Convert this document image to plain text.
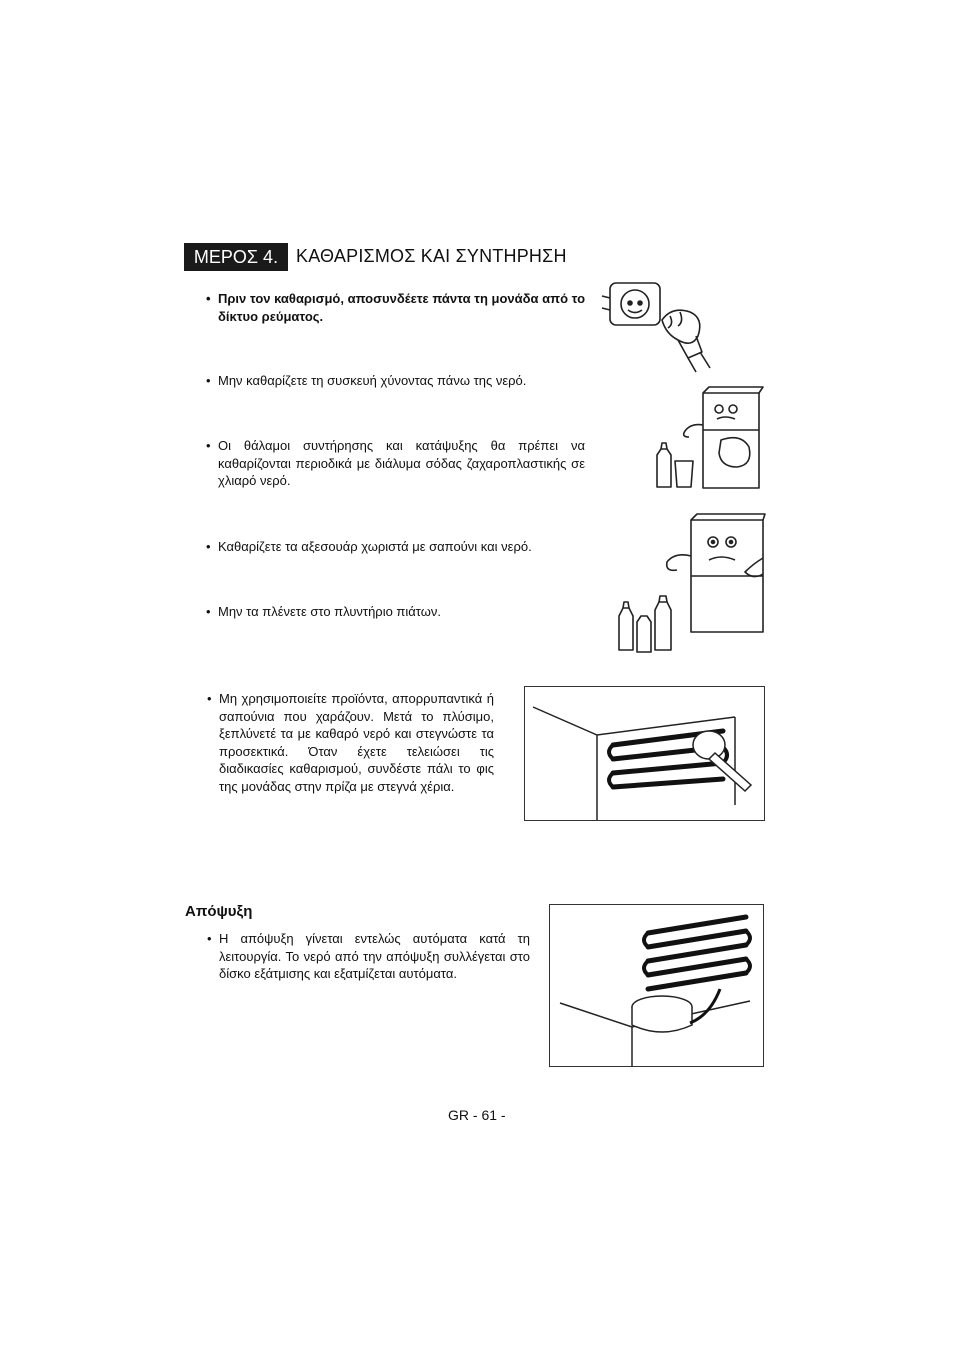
ΜΕΡΟΣ 4. ΚΑΘΑΡΙΣΜΟΣ ΚΑΙ ΣΥΝΤΗΡΗΣΗ
• Πριν τον καθαρισμό, αποσυνδέετε πάντα τη μονάδα από το δίκτυο ρεύματος.
• Μην καθαρίζετε τη συσκευή χύνοντας πάνω της νερό.
• Οι θάλαμοι συντήρησης και κατάψυξης θα πρέπει να καθαρίζονται περιοδικά με διάλυμα σόδας ζαχαροπλαστικής σε χλιαρό νερό.
• Καθαρίζετε τα αξεσουάρ χωριστά με σαπούνι και νερό.
• Μην τα πλένετε στο πλυντήριο πιάτων.
• Μη χρησιμοποιείτε προϊόντα, απορρυπαντικά ή σαπούνια που χαράζουν. Μετά το πλύσιμο, ξεπλύνετέ τα με καθαρό νερό και στεγνώστε τα προσεκτικά. Όταν έχετε τελειώσει τις διαδικασίες καθαρισμού, συνδέστε πάλι το φις της μονάδας στην πρίζα με στεγνά χέρια.
Απόψυξη
• Η απόψυξη γίνεται εντελώς αυτόματα κατά τη λειτουργία. Το νερό από την απόψυξη συλλέγεται στο δίσκο εξάτμισης και εξατμίζεται αυτόματα.
GR - 61 -
